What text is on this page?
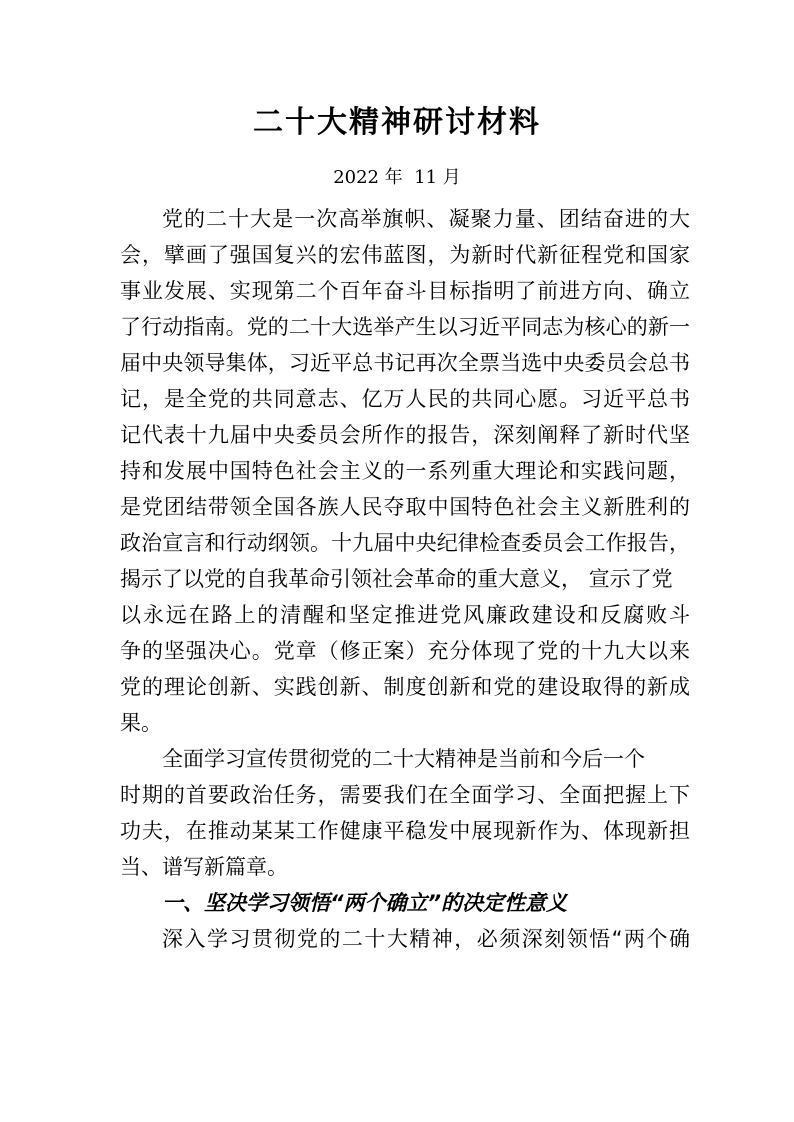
二十大精神研讨材料
2022 年  11 月
党的二十大是一次高举旗帜、凝聚力量、团结奋进的大
会，擘画了强国复兴的宏伟蓝图，为新时代新征程党和国家
事业发展、实现第二个百年奋斗目标指明了前进方向、确立
了行动指南。党的二十大选举产生以习近平同志为核心的新一
届中央领导集体，习近平总书记再次全票当选中央委员会总书
记，是全党的共同意志、亿万人民的共同心愿。习近平总书
记代表十九届中央委员会所作的报告，深刻阐释了新时代坚
持和发展中国特色社会主义的一系列重大理论和实践问题，
是党团结带领全国各族人民夺取中国特色社会主义新胜利的
政治宣言和行动纲领。十九届中央纪律检查委员会工作报告，
揭示了以党的自我革命引领社会革命的重大意义， 宣示了党
以永远在路上的清醒和坚定推进党风廉政建设和反腐败斗
争的坚强决心。党章（修正案）充分体现了党的十九大以来
党的理论创新、实践创新、制度创新和党的建设取得的新成
果。
全面学习宣传贯彻党的二十大精神是当前和今后一个
时期的首要政治任务，需要我们在全面学习、全面把握上下
功夫，在推动某某工作健康平稳发中展现新作为、体现新担
当、谱写新篇章。
一、坚决学习领悟“两个确立”的决定性意义
深入学习贯彻党的二十大精神，必须深刻领悟“两个确
